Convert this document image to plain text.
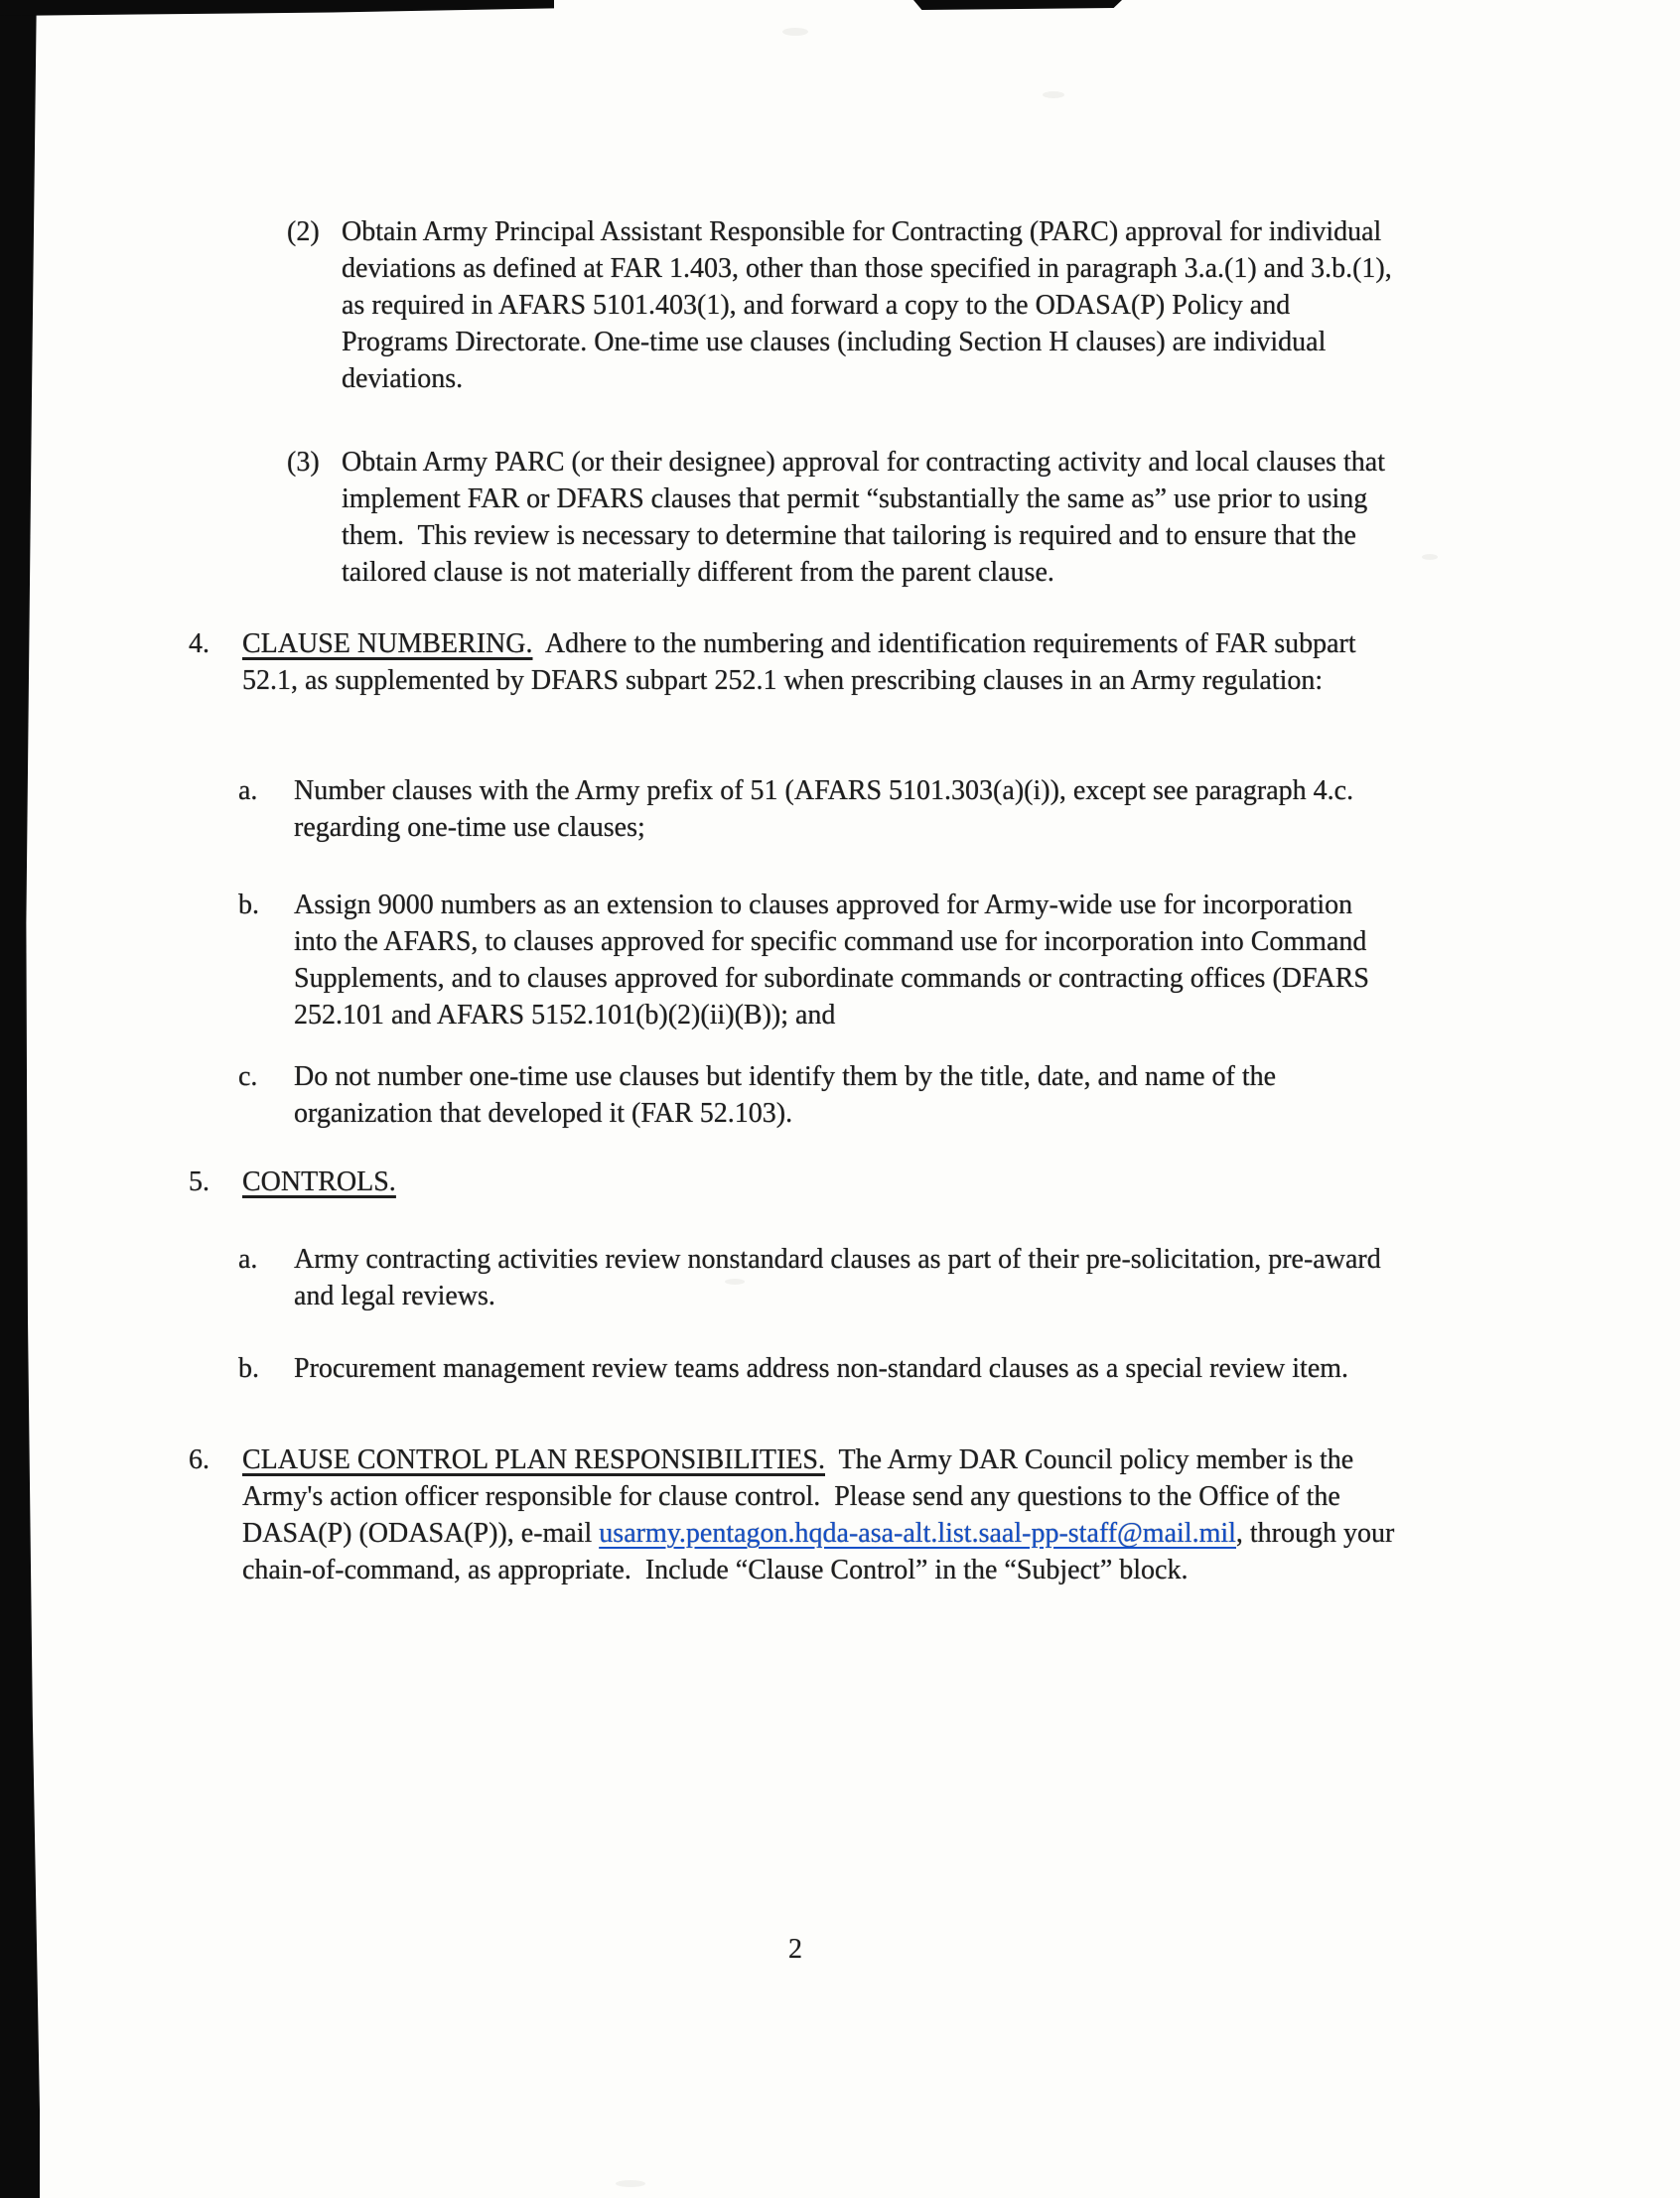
(2) Obtain Army Principal Assistant Responsible for Contracting (PARC) approval for individual deviations as defined at FAR 1.403, other than those specified in paragraph 3.a.(1) and 3.b.(1), as required in AFARS 5101.403(1), and forward a copy to the ODASA(P) Policy and Programs Directorate. One-time use clauses (including Section H clauses) are individual deviations.
(3) Obtain Army PARC (or their designee) approval for contracting activity and local clauses that implement FAR or DFARS clauses that permit “substantially the same as” use prior to using them.  This review is necessary to determine that tailoring is required and to ensure that the tailored clause is not materially different from the parent clause.
4.	CLAUSE NUMBERING.  Adhere to the numbering and identification requirements of FAR subpart 52.1, as supplemented by DFARS subpart 252.1 when prescribing clauses in an Army regulation:
a.	Number clauses with the Army prefix of 51 (AFARS 5101.303(a)(i)), except see paragraph 4.c. regarding one-time use clauses;
b.	Assign 9000 numbers as an extension to clauses approved for Army-wide use for incorporation into the AFARS, to clauses approved for specific command use for incorporation into Command Supplements, and to clauses approved for subordinate commands or contracting offices (DFARS 252.101 and AFARS 5152.101(b)(2)(ii)(B)); and
c.	Do not number one-time use clauses but identify them by the title, date, and name of the organization that developed it (FAR 52.103).
5.	CONTROLS.
a.	Army contracting activities review nonstandard clauses as part of their pre-solicitation, pre-award and legal reviews.
b.	Procurement management review teams address non-standard clauses as a special review item.
6.	CLAUSE CONTROL PLAN RESPONSIBILITIES.  The Army DAR Council policy member is the Army's action officer responsible for clause control.  Please send any questions to the Office of the DASA(P) (ODASA(P)), e-mail usarmy.pentagon.hqda-asa-alt.list.saal-pp-staff@mail.mil, through your chain-of-command, as appropriate.  Include “Clause Control” in the “Subject” block.
2
